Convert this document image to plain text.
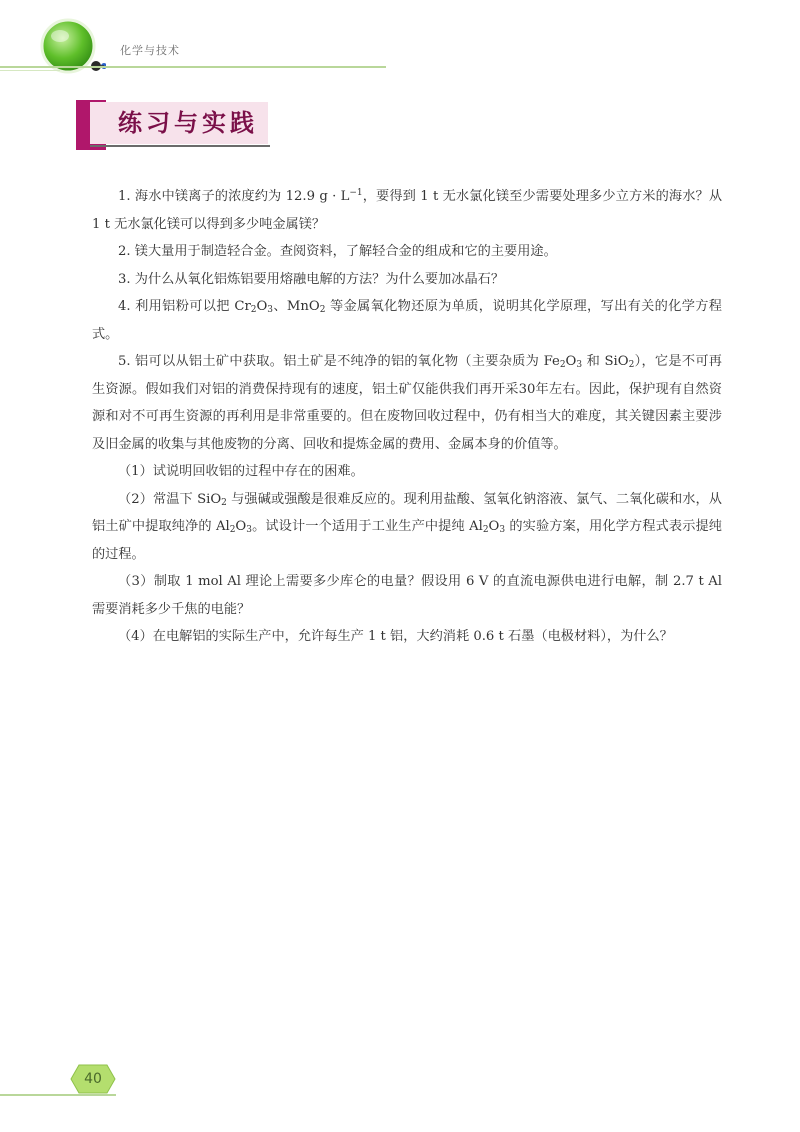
化学与技术
练习与实践

1. 海水中镁离子的浓度约为 12.9 $g \cdot L^{-1}$，要得到 1 t 无水氯化镁至少需要处理多少立方米的海水？从 1 t 无水氯化镁可以得到多少吨金属镁？

2. 镁大量用于制造轻合金。查阅资料，了解轻合金的组成和它的主要用途。

3. 为什么从氧化铝炼铝要用熔融电解的方法？为什么要加冰晶石？

4. 利用铝粉可以把 $Cr_2O_3$、MnO$_2$ 等金属氧化物还原为单质，说明其化学原理，写出有关的化学方程式。

5. 铝可以从铝土矿中获取。铝土矿是不纯净的铝的氧化物（主要杂质为 $Fe_2O_3$ 和 SiO$_2$），它是不可再生资源。假如我们对铝的消费保持现有的速度，铝土矿仅能供我们再开采30年左右。因此，保护现有自然资源和对不可再生资源的再利用是非常重要的。但在废物回收过程中，仍有相当大的难度，其关键因素主要涉及旧金属的收集与其他废物的分离、回收和提炼金属的费用、金属本身的价值等。

（1）试说明回收铝的过程中存在的困难。

（2）常温下 SiO$_2$ 与强碱或强酸是很难反应的。现利用盐酸、氢氧化钠溶液、氯气、二氧化碳和水，从铝土矿中提取纯净的 $Al_2O_3$。试设计一个适用于工业生产中提纯 $Al_2O_3$ 的实验方案，用化学方程式表示提纯的过程。

（3）制取 1 mol Al 理论上需要多少库仑的电量？假设用 6 V 的直流电源供电进行电解，制 2.7 t Al 需要消耗多少千焦的电能？

（4）在电解铝的实际生产中，允许每生产 1 t 铝，大约消耗 0.6 t 石墨（电极材料），为什么？

40
